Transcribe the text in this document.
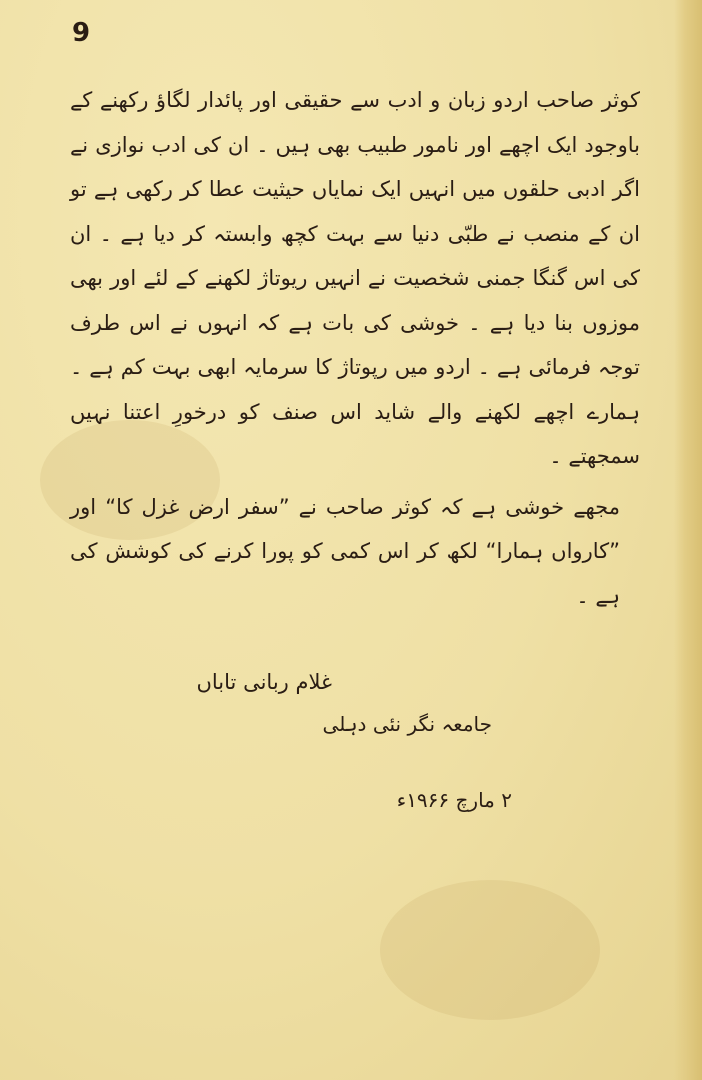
9

کوثر صاحب اردو زبان و ادب سے حقیقی اور پائدار لگاؤ رکھنے کے باوجود ایک اچھے اور نامور طبیب بھی ہیں ۔ ان کی ادب نوازی نے اگر ادبی حلقوں میں انہیں ایک نمایاں حیثیت عطا کر رکھی ہے تو ان کے منصب نے طبّی دنیا سے بہت کچھ وابستہ کر دیا ہے ۔ ان کی اس گنگا جمنی شخصیت نے انہیں ریوتاژ لکھنے کے لئے اور بھی موزوں بنا دیا ہے ۔ خوشی کی بات ہے کہ انہوں نے اس طرف توجہ فرمائی ہے ۔ اردو میں رپوتاژ کا سرمایہ ابھی بہت کم ہے ۔ ہمارے اچھے لکھنے والے شاید اس صنف کو درخورِ اعتنا نہیں سمجھتے ۔

مجھے خوشی ہے کہ کوثر صاحب نے ”سفر ارض غزل کا“ اور ”کارواں ہمارا“ لکھ کر اس کمی کو پورا کرنے کی کوشش کی ہے ۔

غلام ربانی تاباں
جامعہ نگر نئی دہلی
۲ مارچ ۱۹۶۶ء
